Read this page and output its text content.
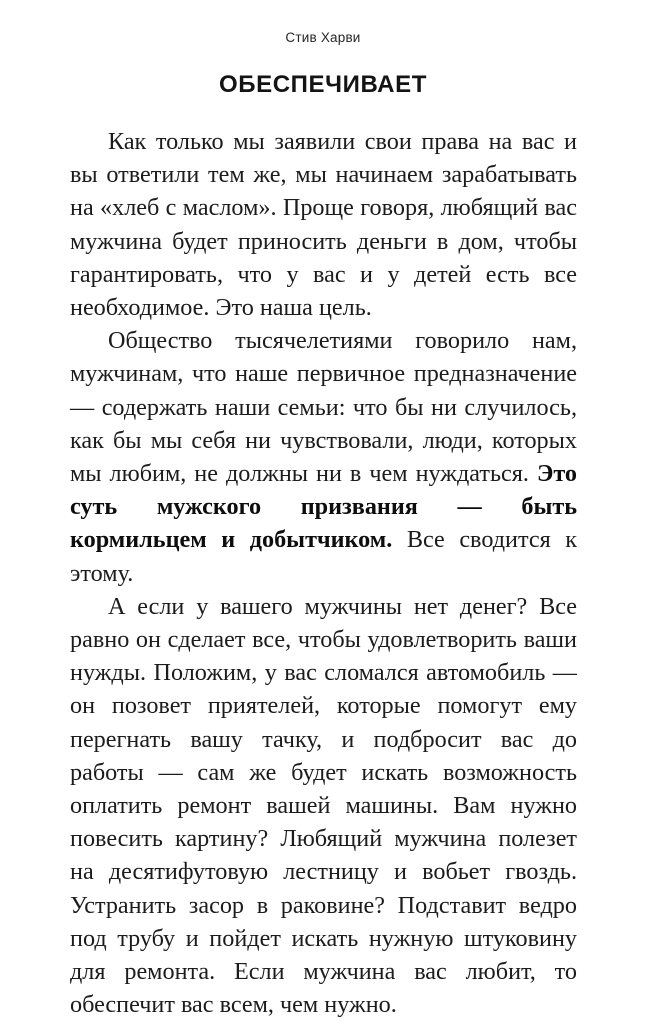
Стив Харви
ОБЕСПЕЧИВАЕТ

Как только мы заявили свои права на вас и вы ответили тем же, мы начинаем зарабатывать на «хлеб с маслом». Проще говоря, любящий вас мужчина будет приносить деньги в дом, чтобы гарантировать, что у вас и у детей есть все необходимое. Это наша цель.

Общество тысячелетиями говорило нам, мужчинам, что наше первичное предназначение — содержать наши семьи: что бы ни случилось, как бы мы себя ни чувствовали, люди, которых мы любим, не должны ни в чем нуждаться. Это суть мужского призвания — быть кормильцем и добытчиком. Все сводится к этому.

А если у вашего мужчины нет денег? Все равно он сделает все, чтобы удовлетворить ваши нужды. Положим, у вас сломался автомобиль — он позовет приятелей, которые помогут ему перегнать вашу тачку, и подбросит вас до работы — сам же будет искать возможность оплатить ремонт вашей машины. Вам нужно повесить картину? Любящий мужчина полезет на десятифутовую лестницу и вобьет гвоздь. Устранить засор в раковине? Подставит ведро под трубу и пойдет искать нужную штуковину для ремонта. Если мужчина вас любит, то обеспечит вас всем, чем нужно.
